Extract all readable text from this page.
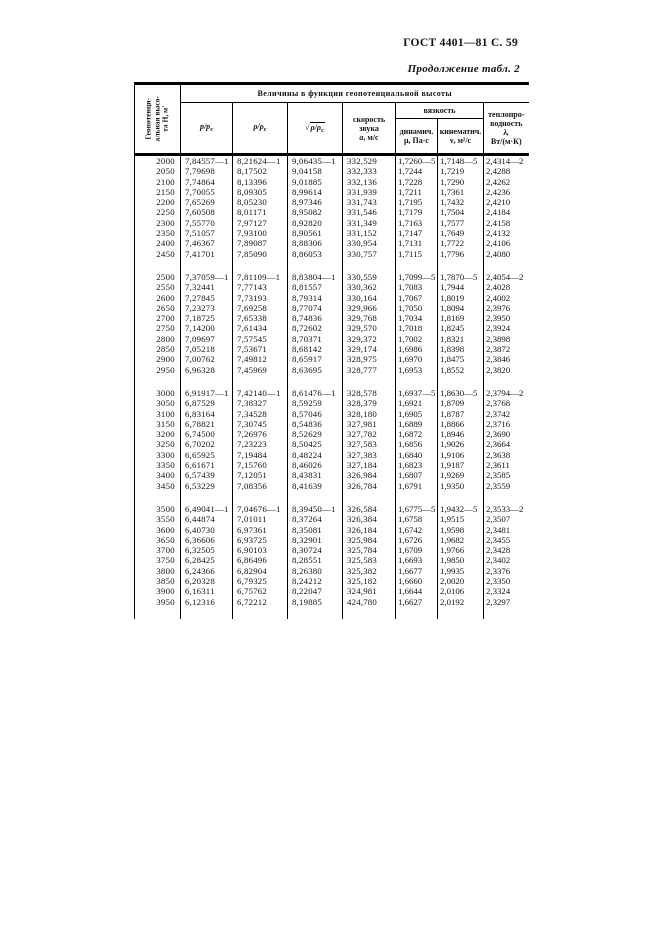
ГОСТ 4401—81 С. 59
Продолжение табл. 2
Геопотенци- альная высо- та Н, м'	Величины в функции геопотенциальной высоты						
	$p/p_с$	$\rho/\rho_с$	$√\rho/\rho_с$	скорость
звука
a, м/с	вязкость		теплопро-
водность
λ,
Вт/(м·К)

					динамич.
μ, Па·с	кинематич.
ν, м²/с	

2000	7,84557—1	8,21624—1	9,06435—1	332,529	1,7260—5	1,7148—5	2,4314—2
2050	7,79698	8,17502	9,04158	332,333	1,7244	1,7219	2,4288
2100	7,74864	8,13396	9,01885	332,136	1,7228	1,7290	2,4262
2150	7,70055	8,09305	8,99614	331,939	1,7211	1,7361	2,4236
2200	7,65269	8,05230	8,97346	331,743	1,7195	1,7432	2,4210
2250	7,60508	8,01171	8,95082	331,546	1,7179	1,7504	2,4184
2300	7,55770	7,97127	8,92820	331,349	1,7163	1,7577	2,4158
2350	7,51057	7,93100	8,90561	331,152	1,7147	1,7649	2,4132
2400	7,46367	7,89087	8,88306	330,954	1,7131	1,7722	2,4106
2450	7,41701	7,85090	8,86053	330,757	1,7115	1,7796	2,4080

2500	7,37059—1	7,81109—1	8,83804—1	330,559	1,7099—5	1,7870—5	2,4054—2
2550	7,32441	7,77143	8,81557	330,362	1,7083	1,7944	2,4028
2600	7,27845	7,73193	8,79314	330,164	1,7067	1,8019	2,4002
2650	7,23273	7,69258	8,77074	329,966	1,7050	1,8094	2,3976
2700	7,18725	7,65338	8,74836	329,768	1,7034	1,8169	2,3950
2750	7,14200	7,61434	8,72602	329,570	1,7018	1,8245	2,3924
2800	7,09697	7,57545	8,70371	329,372	1,7002	1,8321	2,3898
2850	7,05218	7,53671	8,68142	329,174	1,6986	1,8398	2,3872
2900	7,00762	7,49812	8,65917	328,975	1,6970	1,8475	2,3846
2950	6,96328	7,45969	8,63695	328,777	1,6953	1,8552	2,3820

3000	6,91917—1	7,42140—1	8,61476—1	328,578	1,6937—5	1,8630—5	2,3794—2
3050	6,87529	7,38327	8,59259	328,379	1,6921	1,8709	2,3768
3100	6,83164	7,34528	8,57046	328,180	1,6905	1,8787	2,3742
3150	6,78821	7,30745	8,54836	327,981	1,6889	1,8866	2,3716
3200	6,74500	7,26976	8,52629	327,782	1,6872	1,8946	2,3690
3250	6,70202	7,23223	8,50425	327,583	1,6856	1,9026	2,3664
3300	6,65925	7,19484	8,48224	327,383	1,6840	1,9106	2,3638
3350	6,61671	7,15760	8,46026	327,184	1,6823	1,9187	2,3611
3400	6,57439	7,12051	8,43831	326,984	1,6807	1,9269	2,3585
3450	6,53229	7,08356	8,41639	326,784	1,6791	1,9350	2,3559

3500	6,49041—1	7,04676—1	8,39450—1	326,584	1,6775—5	1,9432—5	2,3533—2
3550	6,44874	7,01011	8,37264	326,384	1,6758	1,9515	2,3507
3600	6,40730	6,97361	8,35081	326,184	1,6742	1,9598	2,3481
3650	6,36606	6,93725	8,32901	325,984	1,6726	1,9682	2,3455
3700	6,32505	6,90103	8,30724	325,784	1,6709	1,9766	2,3428
3750	6,28425	6,86496	8,28551	325,583	1,6693	1,9850	2,3402
3800	6,24366	6,82904	8,26380	325,382	1,6677	1,9935	2,3376
3850	6,20328	6,79325	8,24212	325,182	1,6660	2,0020	2,3350
3900	6,16311	6,75762	8,22047	324,981	1,6644	2,0106	2,3324
3950	6,12316	6,72212	8,19885	424,780	1,6627	2,0192	2,3297
